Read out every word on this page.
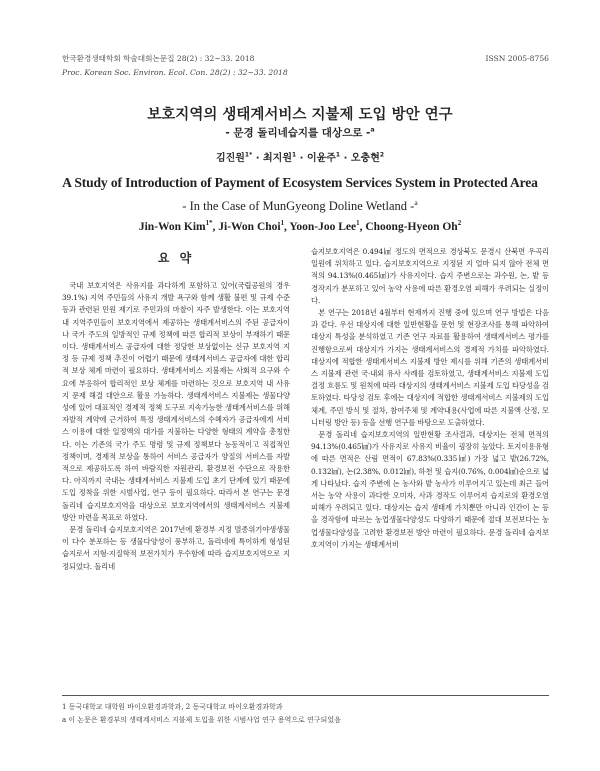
한국환경생태학회 학술대회논문집 28(2) : 32∼33. 2018
Proc. Korean Soc. Environ. Ecol. Con. 28(2) : 32∼33. 2018
ISSN 2005-8756
보호지역의 생태계서비스 지불제 도입 방안 연구
- 문경 돌리네습지를 대상으로 -$^a$
김진원$^{1*}$ · 최지원$^1$ · 이윤주$^1$ · 오충현$^2$
A Study of Introduction of Payment of Ecosystem Services System in Protected Area
- In the Case of MunGyeong Doline Wetland -$^a$
Jin-Won Kim$^{1*}$, Ji-Won Choi$^1$, Yoon-Joo Lee$^1$, Choong-Hyeon Oh$^2$
요 약

국내 보호지역은 사유지를 과다하게 포함하고 있어(국립공원의 경우 39.1%) 지역 주민들의 사유지 개발 욕구와 함께 생활 불편 및 규제 수준 등과 관련된 민원 제기로 주민과의 마찰이 자주 발생한다. 이는 보호지역 내 지역주민들이 보호지역에서 제공하는 생태계서비스의 주된 공급자이나 국가 주도의 일방적인 규제 정책에 따른 합리적 보상이 부재하기 때문이다. 생태계서비스 공급자에 대한 정당한 보상없이는 신규 보호지역 지정 등 규제 정책 추진이 어렵기 때문에 생태계서비스 공급자에 대한 합리적 보상 체계 마련이 필요하다. 생태계서비스 지불제는 사회적 요구와 수요에 부응하여 합리적인 보상 체계를 마련하는 것으로 보호지역 내 사유지 문제 해결 대안으로 활용 가능하다. 생태계서비스 지불제는 생물다양성에 있어 대표적인 경제적 정책 도구로 지속가능한 생태계서비스를 위해 자발적 계약에 근거하여 특정 생태계서비스의 수혜자가 공급자에게 서비스 이용에 대한 일정액의 대가를 지불하는 다양한 형태의 계약을 총칭한다. 이는 기존의 국가 주도 명령 및 규제 정책보다 능동적이고 직접적인 정책이며, 경제적 보상을 통하여 서비스 공급자가 양질의 서비스를 자발적으로 제공하도록 하여 바람직한 자원관리, 환경보전 수단으로 작용한다. 아직까지 국내는 생태계서비스 지불제 도입 초기 단계에 있기 때문에 도입 정착을 위한 시범사업, 연구 등이 필요하다. 따라서 본 연구는 문경 돌리네 습지보호지역을 대상으로 보호지역에서의 생태계서비스 지불제 방안 마련을 목표로 하였다.

문경 돌리네 습지보호지역은 2017년에 환경부 지정 멸종위기야생생물이 다수 분포하는 등 생물다양성이 풍부하고, 돌리네에 특이하게 형성된 습지로서 지형·지질학적 보전가치가 우수함에 따라 습지보호지역으로 지정되었다. 돌리네

습지보호지역은 0.494㎢ 정도의 면적으로 경상북도 문경시 산북면 우곡리 일원에 위치하고 있다. 습지보호지역으로 지정된 지 얼마 되지 않아 전체 면적의 94.13%(0.465㎢)가 사유지이다. 습지 주변으로는 과수원, 논, 밭 등 경작지가 분포하고 있어 농약 사용에 따른 환경오염 피해가 우려되는 실정이다.

본 연구는 2018년 4월부터 현재까지 진행 중에 있으며 연구 방법은 다음과 같다. 우선 대상지에 대한 일반현황을 문헌 및 현장조사를 통해 파악하여 대상지 특성을 분석하였고 기존 연구 자료를 활용하여 생태계서비스 평가를 진행함으로써 대상지가 가지는 생태계서비스의 경제적 가치를 파악하였다. 대상지에 적합한 생태계서비스 지불제 방안 제시를 위해 기존의 생태계서비스 지불제 관련 국·내외 유사 사례를 검토하였고, 생태계서비스 지불제 도입결정 흐름도 및 원칙에 따라 대상지의 생태계서비스 지불제 도입 타당성을 검토하였다. 타당성 검토 후에는 대상지에 적합한 생태계서비스 지불제의 도입 체계, 주민 방식 및 절차, 참여주체 및 계약내용(사업에 따른 지불액 산정, 모니터링 방안 등) 등을 선행 연구를 바탕으로 도출하였다.

문경 돌리네 습지보호지역의 일반현황 조사결과, 대상지는 전체 면적의 94.13%(0.465㎢)가 사유지로 사유지 비율이 굉장히 높았다. 토지이용유형에 따른 면적은 산림 면적이 67.83%(0.335㎢) 가장 넓고 밭(26.72%, 0.132㎢), 논(2.38%, 0.012㎢), 하천 및 습지(0.76%, 0.004㎢)순으로 넓게 나타났다. 습지 주변에 논 농사와 밭 농사가 이루어지고 있는데 최근 들어서는 농약 사용이 과다한 오미자, 사과 경작도 이루어져 습지로의 환경오염 피해가 우려되고 있다. 대상지는 습지 생태계 가치뿐만 아니라 인간이 논 등을 경작함에 따르는 농업생물다양성도 다양하기 때문에 절대 보전보다는 농업생물다양성을 고려한 환경보전 방안 마련이 필요하다. 문경 돌리네 습지보호지역이 가지는 생태계서비

1 동국대학교 대학원 바이오환경과학과, 2 동국대학교 바이오환경과학과
a 이 논문은 환경부의 생태계서비스 지불제 도입을 위한 시범사업 연구 용역으로 연구되었음
